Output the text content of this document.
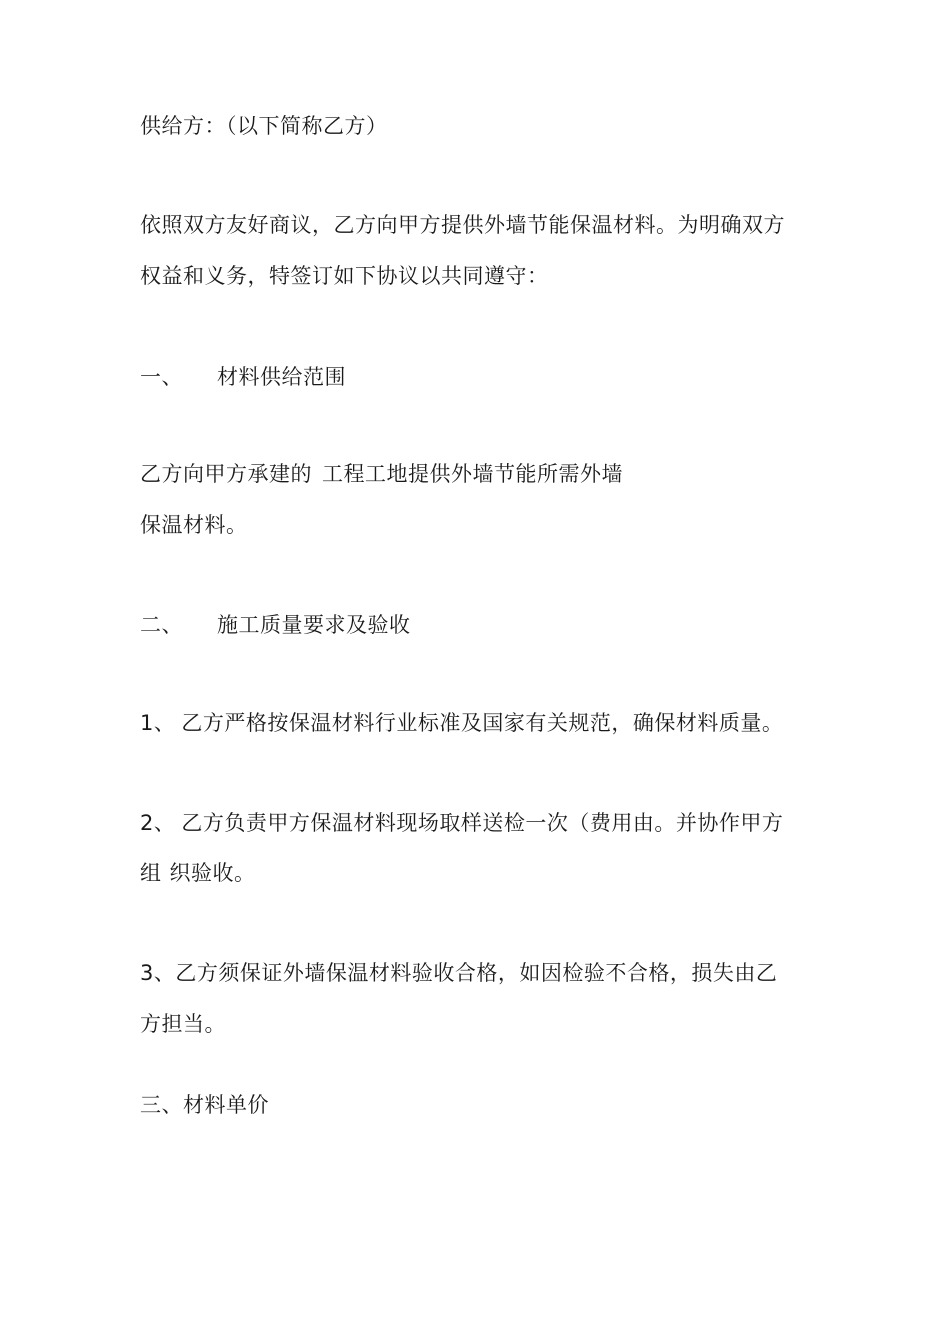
供给方：（以下简称乙方）
依照双方友好商议，乙方向甲方提供外墙节能保温材料。为明确双方
权益和义务，特签订如下协议以共同遵守：
一、 材料供给范围
乙方向甲方承建的 工程工地提供外墙节能所需外墙
保温材料。
二、 施工质量要求及验收
1、 乙方严格按保温材料行业标准及国家有关规范，确保材料质量。
2、 乙方负责甲方保温材料现场取样送检一次（费用由。并协作甲方
组 织验收。
3、乙方须保证外墙保温材料验收合格，如因检验不合格，损失由乙
方担当。
三、材料单价
